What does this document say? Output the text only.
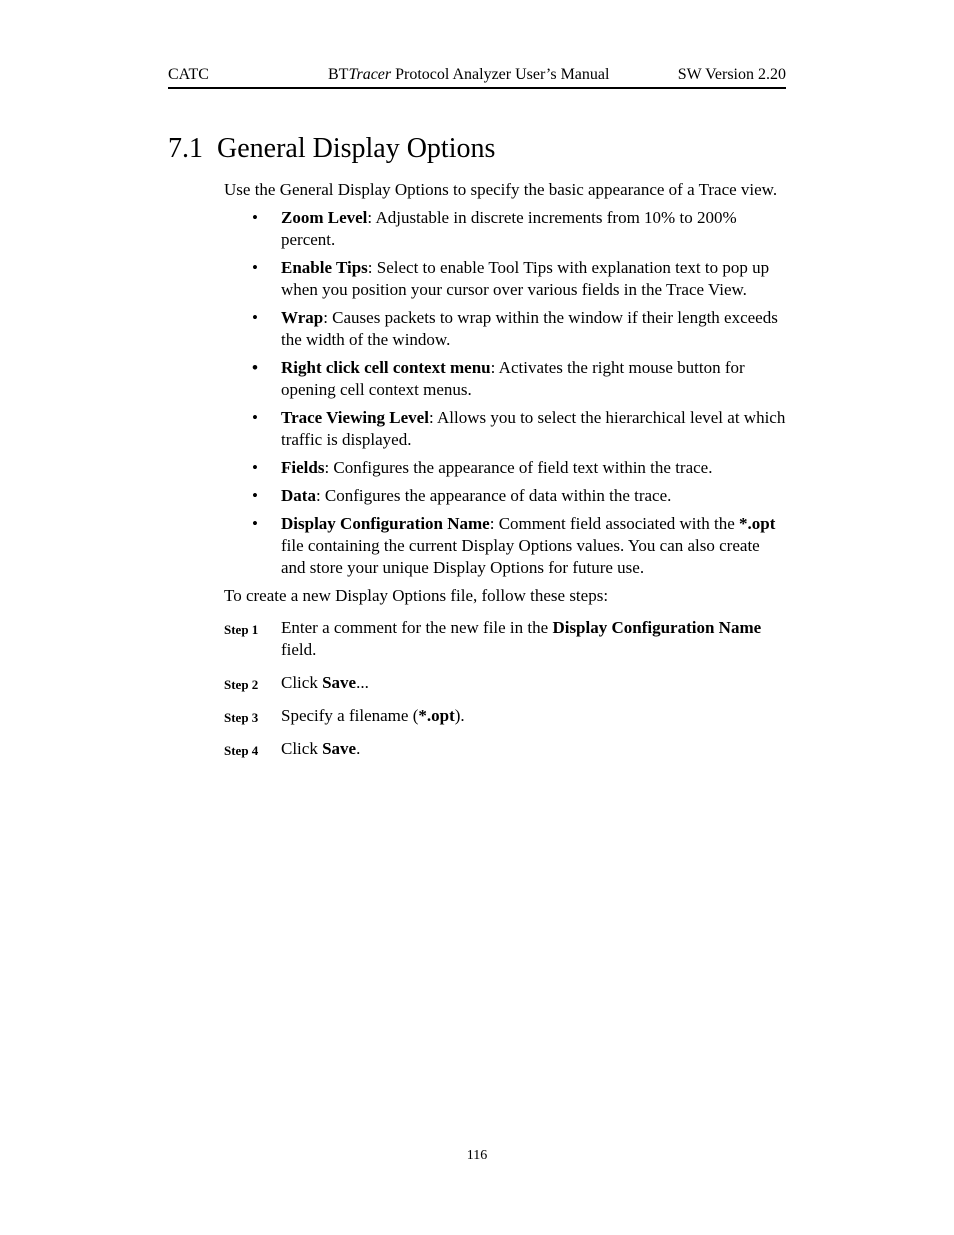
CATC	BTTracer Protocol Analyzer User’s Manual	SW Version 2.20
7.1 General Display Options

Use the General Display Options to specify the basic appearance of a Trace view.

• Zoom Level: Adjustable in discrete increments from 10% to 200% percent.
• Enable Tips: Select to enable Tool Tips with explanation text to pop up when you position your cursor over various fields in the Trace View.
• Wrap: Causes packets to wrap within the window if their length exceeds the width of the window.
• Right click cell context menu: Activates the right mouse button for opening cell context menus.
• Trace Viewing Level: Allows you to select the hierarchical level at which traffic is displayed.
• Fields: Configures the appearance of field text within the trace.
• Data: Configures the appearance of data within the trace.
• Display Configuration Name: Comment field associated with the *.opt file containing the current Display Options values. You can also create and store your unique Display Options for future use.

To create a new Display Options file, follow these steps:

Step 1 Enter a comment for the new file in the Display Configuration Name field.
Step 2 Click Save...
Step 3 Specify a filename (*.opt).
Step 4 Click Save.
116
